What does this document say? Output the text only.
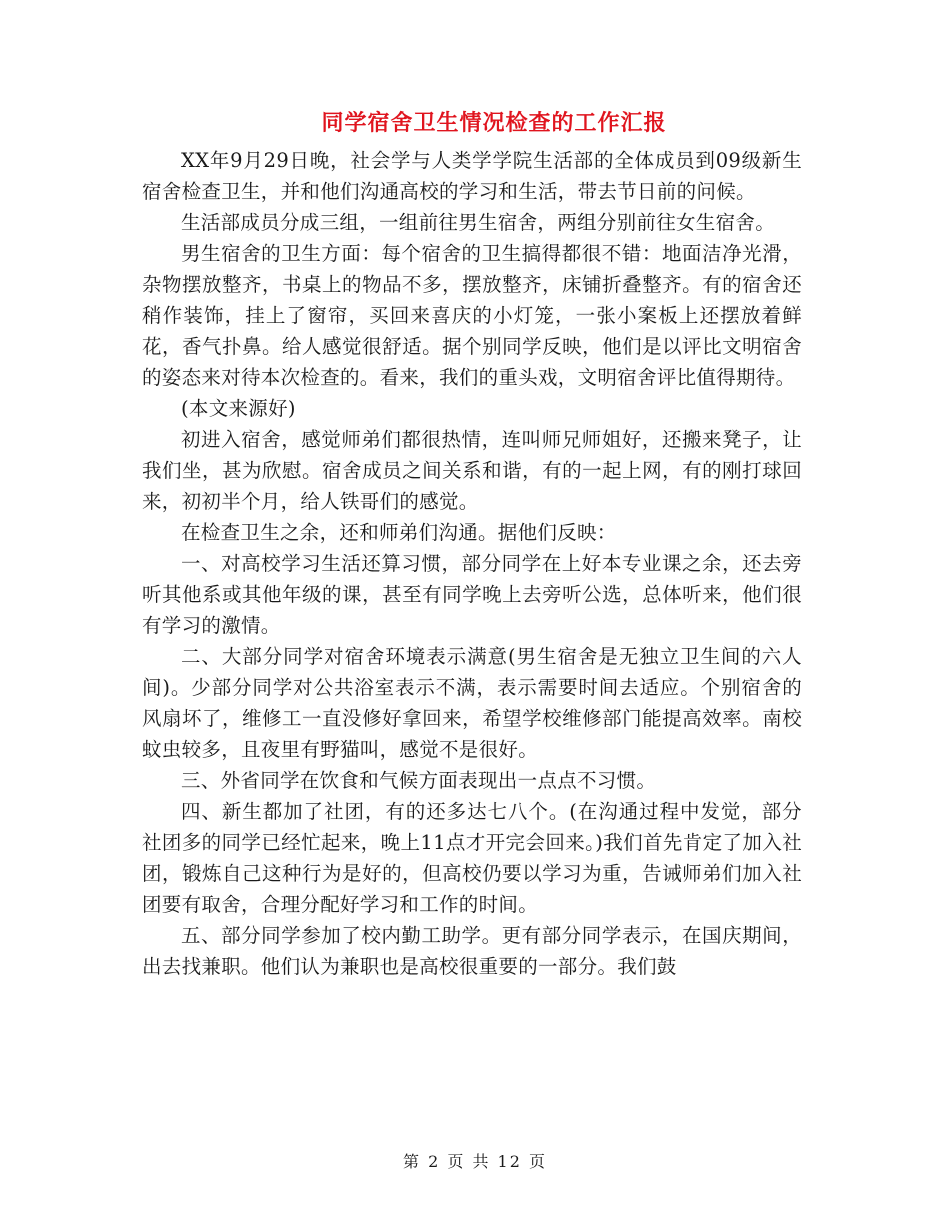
同学宿舍卫生情况检查的工作汇报

XX年9月29日晚，社会学与人类学学院生活部的全体成员到09级新生宿舍检查卫生，并和他们沟通高校的学习和生活，带去节日前的问候。

生活部成员分成三组，一组前往男生宿舍，两组分别前往女生宿舍。

男生宿舍的卫生方面：每个宿舍的卫生搞得都很不错：地面洁净光滑，杂物摆放整齐，书桌上的物品不多，摆放整齐，床铺折叠整齐。有的宿舍还稍作装饰，挂上了窗帘，买回来喜庆的小灯笼，一张小案板上还摆放着鲜花，香气扑鼻。给人感觉很舒适。据个别同学反映，他们是以评比文明宿舍的姿态来对待本次检查的。看来，我们的重头戏，文明宿舍评比值得期待。

(本文来源好)

初进入宿舍，感觉师弟们都很热情，连叫师兄师姐好，还搬来凳子，让我们坐，甚为欣慰。宿舍成员之间关系和谐，有的一起上网，有的刚打球回来，初初半个月，给人铁哥们的感觉。

在检查卫生之余，还和师弟们沟通。据他们反映：

一、对高校学习生活还算习惯，部分同学在上好本专业课之余，还去旁听其他系或其他年级的课，甚至有同学晚上去旁听公选，总体听来，他们很有学习的激情。

二、大部分同学对宿舍环境表示满意(男生宿舍是无独立卫生间的六人间)。少部分同学对公共浴室表示不满，表示需要时间去适应。个别宿舍的风扇坏了，维修工一直没修好拿回来，希望学校维修部门能提高效率。南校蚊虫较多，且夜里有野猫叫，感觉不是很好。

三、外省同学在饮食和气候方面表现出一点点不习惯。

四、新生都加了社团，有的还多达七八个。(在沟通过程中发觉，部分社团多的同学已经忙起来，晚上11点才开完会回来。)我们首先肯定了加入社团，锻炼自己这种行为是好的，但高校仍要以学习为重，告诫师弟们加入社团要有取舍，合理分配好学习和工作的时间。

五、部分同学参加了校内勤工助学。更有部分同学表示，在国庆期间，出去找兼职。他们认为兼职也是高校很重要的一部分。我们鼓

第 2 页 共 12 页
